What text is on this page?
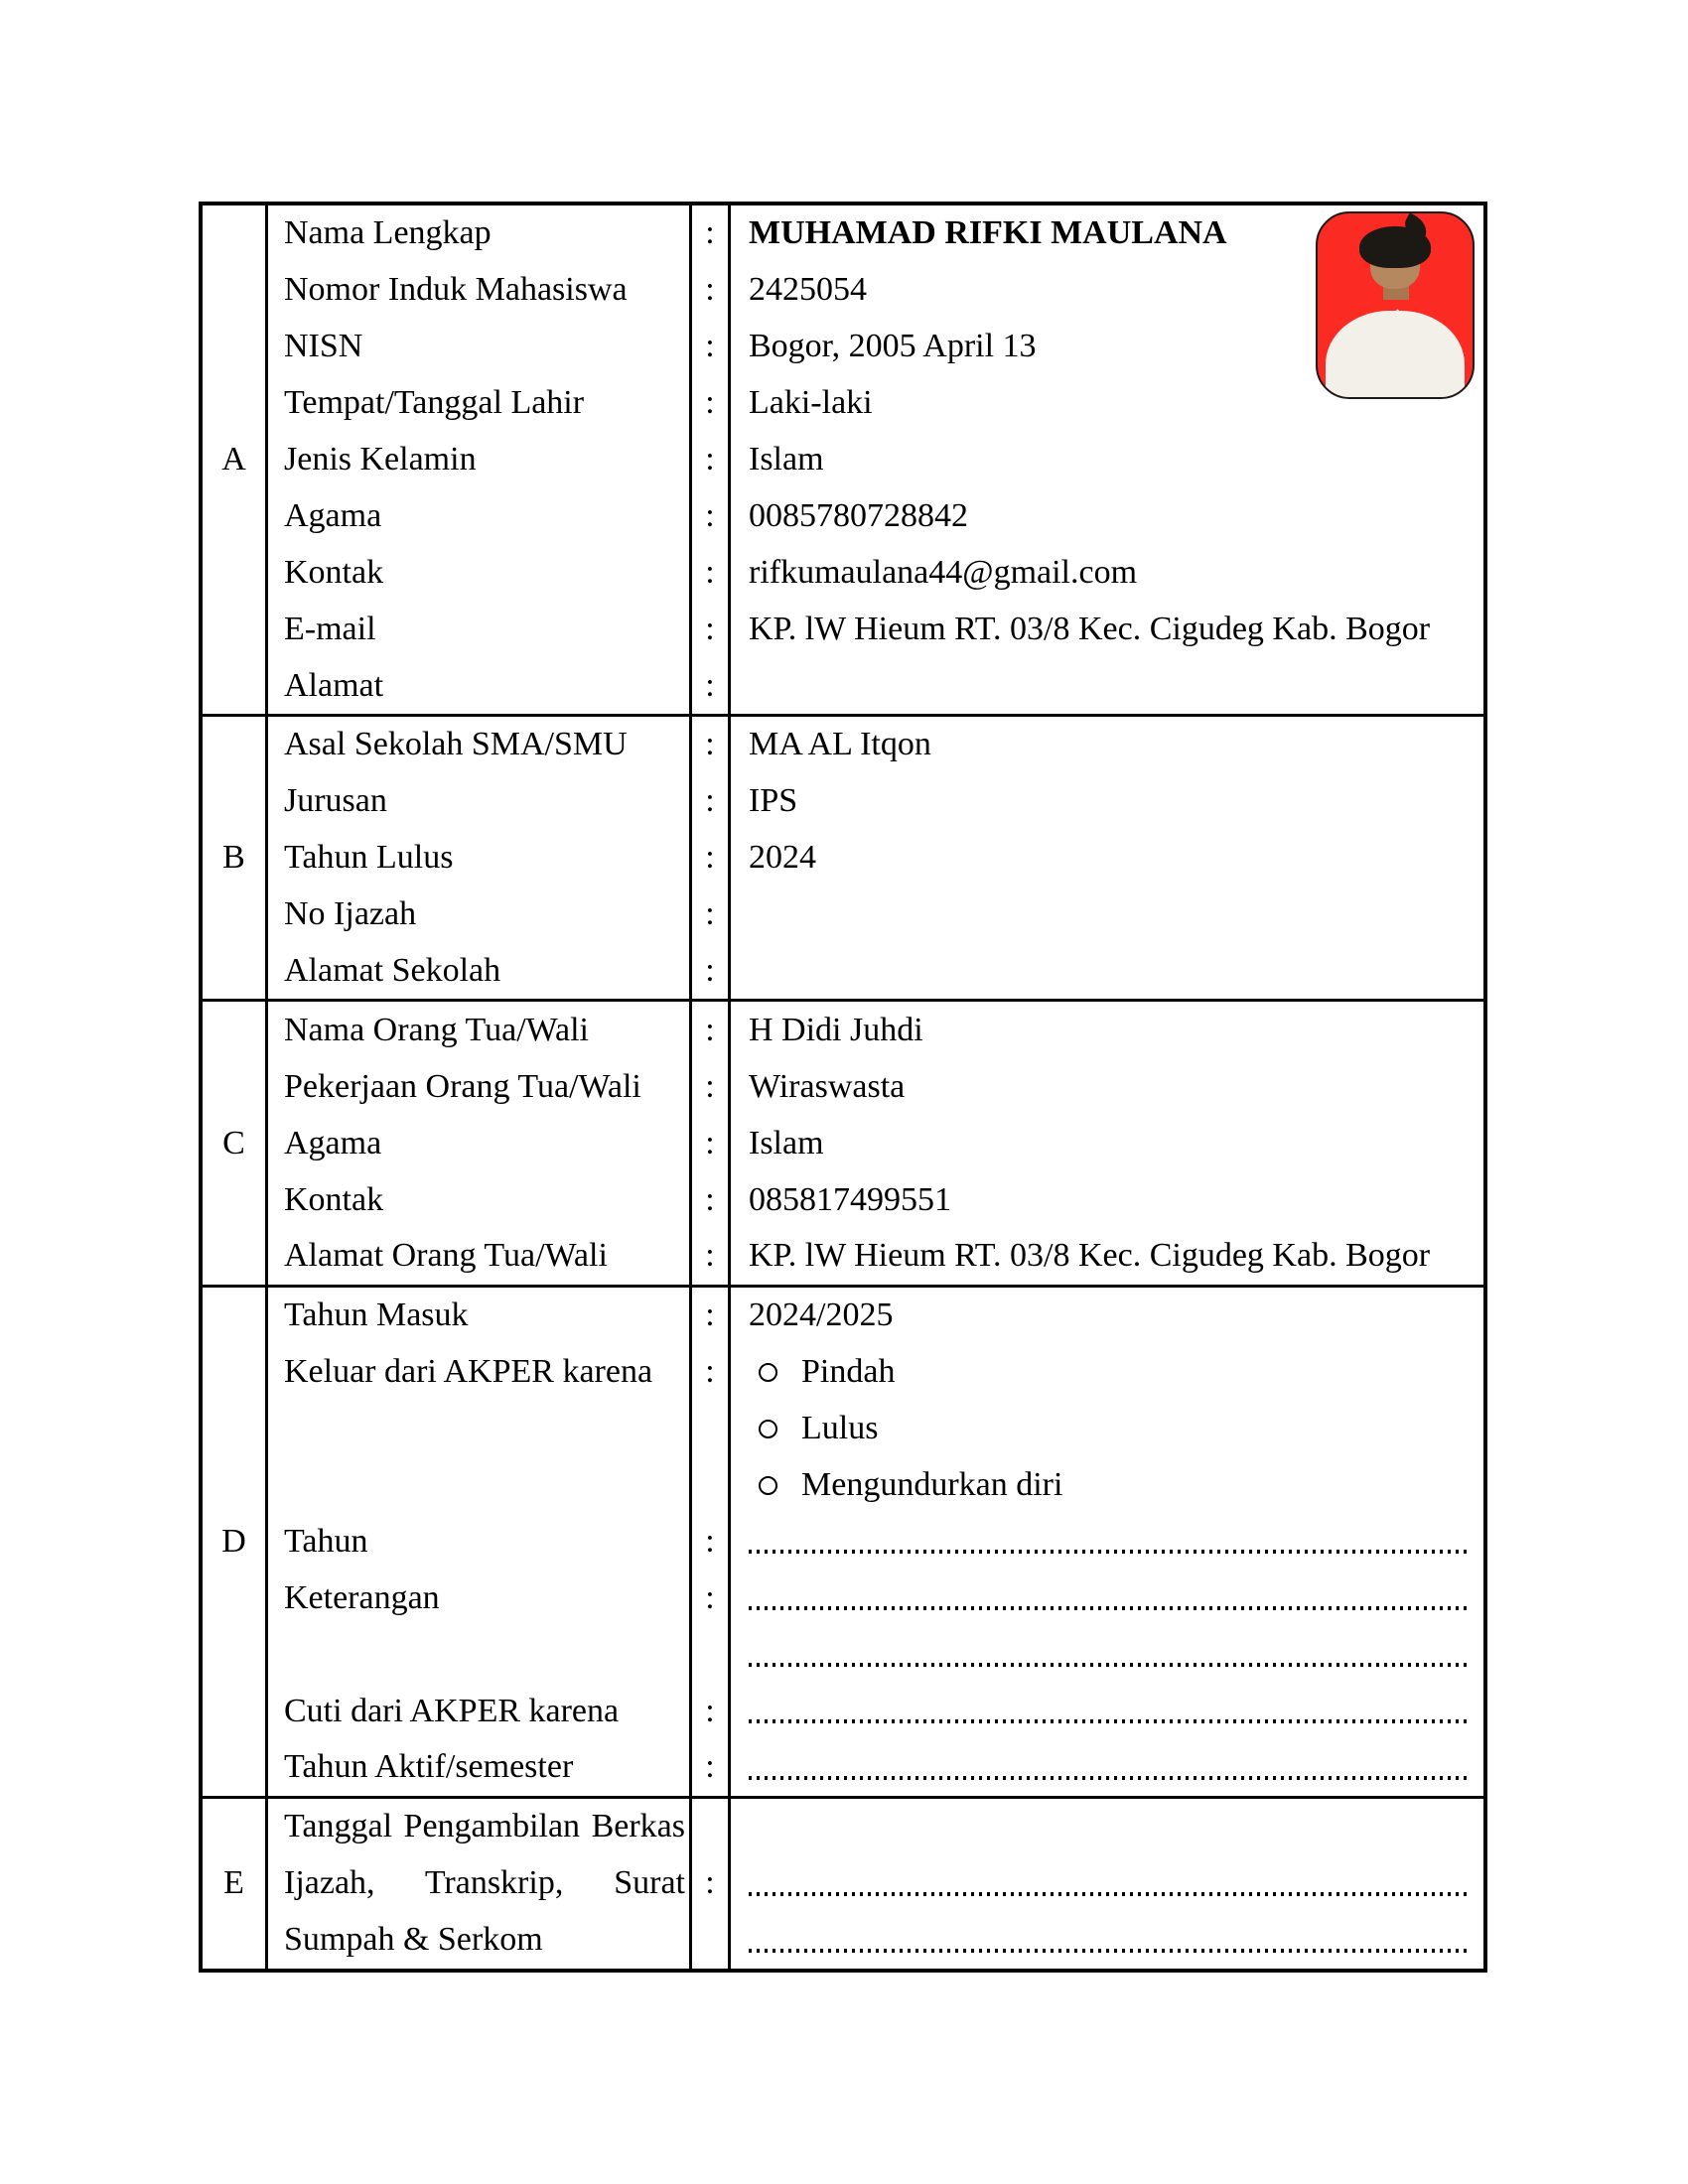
A
Nama Lengkap	:	MUHAMAD RIFKI MAULANA
Nomor Induk Mahasiswa	:	2425054
NISN	:	Bogor, 2005 April 13
Tempat/Tanggal Lahir	:	Laki-laki
Jenis Kelamin	:	Islam
Agama	:	0085780728842
Kontak	:	rifkumaulana44@gmail.com
E-mail	:	KP. lW Hieum RT. 03/8 Kec. Cigudeg Kab. Bogor
Alamat	:
B
Asal Sekolah SMA/SMU	:	MA AL Itqon
Jurusan	:	IPS
Tahun Lulus	:	2024
No Ijazah	:
Alamat Sekolah	:
C
Nama Orang Tua/Wali	:	H Didi Juhdi
Pekerjaan Orang Tua/Wali	:	Wiraswasta
Agama	:	Islam
Kontak	:	085817499551
Alamat Orang Tua/Wali	:	KP. lW Hieum RT. 03/8 Kec. Cigudeg Kab. Bogor
D
Tahun Masuk	:	2024/2025
Keluar dari AKPER karena	:	Pindah
Lulus
Mengundurkan diri
Tahun	:
Keterangan	:
Cuti dari AKPER karena	:
Tahun Aktif/semester	:
E
Tanggal Pengambilan Berkas
Ijazah, Transkrip, Surat :
Sumpah & Serkom
